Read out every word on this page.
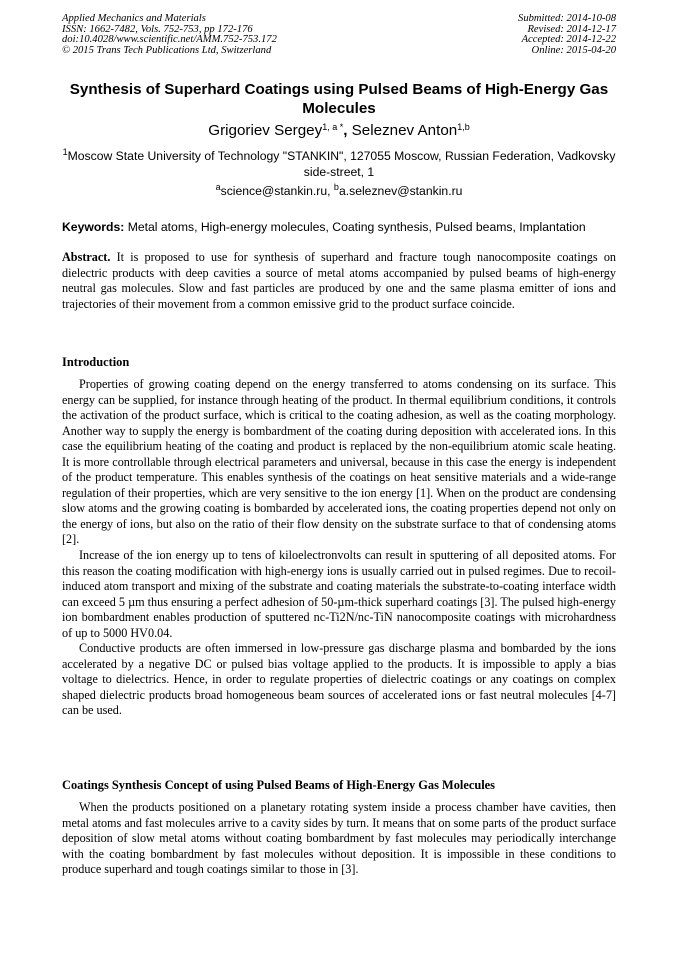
Applied Mechanics and Materials
ISSN: 1662-7482, Vols. 752-753, pp 172-176
doi:10.4028/www.scientific.net/AMM.752-753.172
© 2015 Trans Tech Publications Ltd, Switzerland
Submitted: 2014-10-08
Revised: 2014-12-17
Accepted: 2014-12-22
Online: 2015-04-20
Synthesis of Superhard Coatings using Pulsed Beams of High-Energy Gas Molecules
Grigoriev Sergey$^{1, a *}$, Seleznev Anton$^{1,b}$
$^1$Moscow State University of Technology "STANKIN", 127055 Moscow, Russian Federation, Vadkovsky side-street, 1
$^a$science@stankin.ru, $^b$a.seleznev@stankin.ru
Keywords: Metal atoms, High-energy molecules, Coating synthesis, Pulsed beams, Implantation
Abstract. It is proposed to use for synthesis of superhard and fracture tough nanocomposite coatings on dielectric products with deep cavities a source of metal atoms accompanied by pulsed beams of high-energy neutral gas molecules. Slow and fast particles are produced by one and the same plasma emitter of ions and trajectories of their movement from a common emissive grid to the product surface coincide.
Introduction

Properties of growing coating depend on the energy transferred to atoms condensing on its surface. This energy can be supplied, for instance through heating of the product. In thermal equilibrium conditions, it controls the activation of the product surface, which is critical to the coating adhesion, as well as the coating morphology. Another way to supply the energy is bombardment of the coating during deposition with accelerated ions. In this case the equilibrium heating of the coating and product is replaced by the non-equilibrium atomic scale heating. It is more controllable through electrical parameters and universal, because in this case the energy is independent of the product temperature. This enables synthesis of the coatings on heat sensitive materials and a wide-range regulation of their properties, which are very sensitive to the ion energy [1]. When on the product are condensing slow atoms and the growing coating is bombarded by accelerated ions, the coating properties depend not only on the energy of ions, but also on the ratio of their flow density on the substrate surface to that of condensing atoms [2].

Increase of the ion energy up to tens of kiloelectronvolts can result in sputtering of all deposited atoms. For this reason the coating modification with high-energy ions is usually carried out in pulsed regimes. Due to recoil-induced atom transport and mixing of the substrate and coating materials the substrate-to-coating interface width can exceed 5 µm thus ensuring a perfect adhesion of 50-µm-thick superhard coatings [3]. The pulsed high-energy ion bombardment enables production of sputtered nc-Ti2N/nc-TiN nanocomposite coatings with microhardness of up to 5000 HV0.04.

Conductive products are often immersed in low-pressure gas discharge plasma and bombarded by the ions accelerated by a negative DC or pulsed bias voltage applied to the products. It is impossible to apply a bias voltage to dielectrics. Hence, in order to regulate properties of dielectric coatings or any coatings on complex shaped dielectric products broad homogeneous beam sources of accelerated ions or fast neutral molecules [4-7] can be used.

Coatings Synthesis Concept of using Pulsed Beams of High-Energy Gas Molecules

When the products positioned on a planetary rotating system inside a process chamber have cavities, then metal atoms and fast molecules arrive to a cavity sides by turn. It means that on some parts of the product surface deposition of slow metal atoms without coating bombardment by fast molecules may periodically interchange with the coating bombardment by fast molecules without deposition. It is impossible in these conditions to produce superhard and tough coatings similar to those in [3].
